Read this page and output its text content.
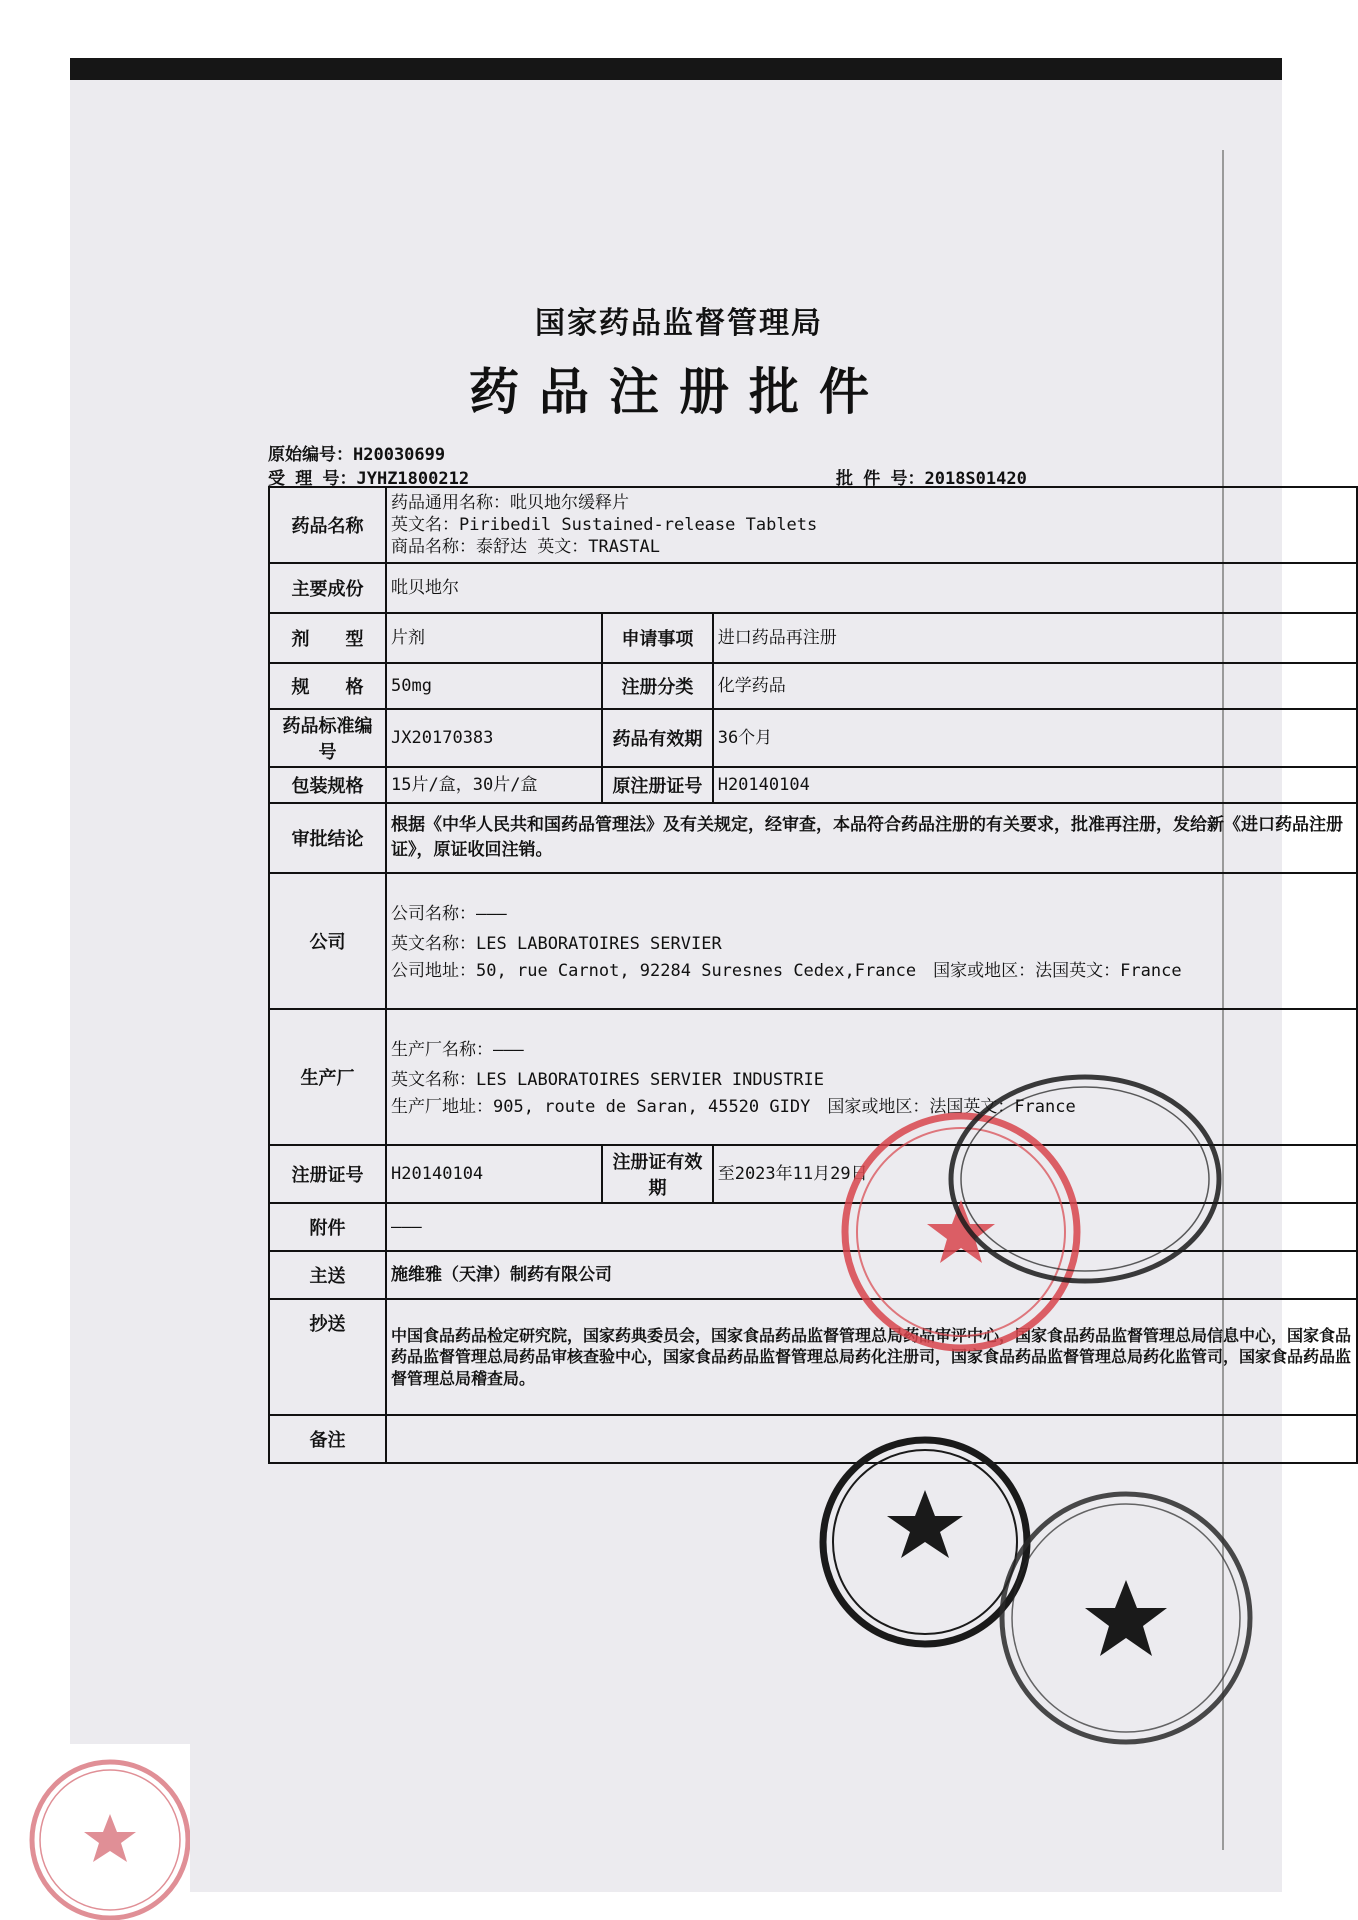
国家药品监督管理局
药品注册批件
原始编号：H20030699
受 理 号：JYHZ1800212	批 件 号：2018S01420
药品名称	药品通用名称：吡贝地尔缓释片
英文名：Piribedil Sustained-release Tablets
商品名称：泰舒达 英文：TRASTAL		

主要成份	吡贝地尔		
剂　　型	片剂	申请事项	进口药品再注册
规　　格	50mg	注册分类	化学药品
药品标准编号	JX20170383	药品有效期	36个月
包装规格	15片/盒，30片/盒	原注册证号	H20140104
审批结论	根据《中华人民共和国药品管理法》及有关规定，经审查，本品符合药品注册的有关要求，批准再注册，发给新《进口药品注册证》，原证收回注销。		
公司	公司名称：———
英文名称：LES LABORATOIRES SERVIER
公司地址：50, rue Carnot, 92284 Suresnes Cedex,France　国家或地区：法国英文：France		

生产厂	生产厂名称：———
英文名称：LES LABORATOIRES SERVIER INDUSTRIE
生产厂地址：905, route de Saran, 45520 GIDY　国家或地区：法国英文：France		

注册证号	H20140104	注册证有效期	至2023年11月29日
附件	———		
主送	施维雅（天津）制药有限公司		
抄送	中国食品药品检定研究院，国家药典委员会，国家食品药品监督管理总局药品审评中心，国家食品药品监督管理总局信息中心，国家食品药品监督管理总局药品审核查验中心，国家食品药品监督管理总局药化注册司，国家食品药品监督管理总局药化监管司，国家食品药品监督管理总局稽查局。		

备注			
